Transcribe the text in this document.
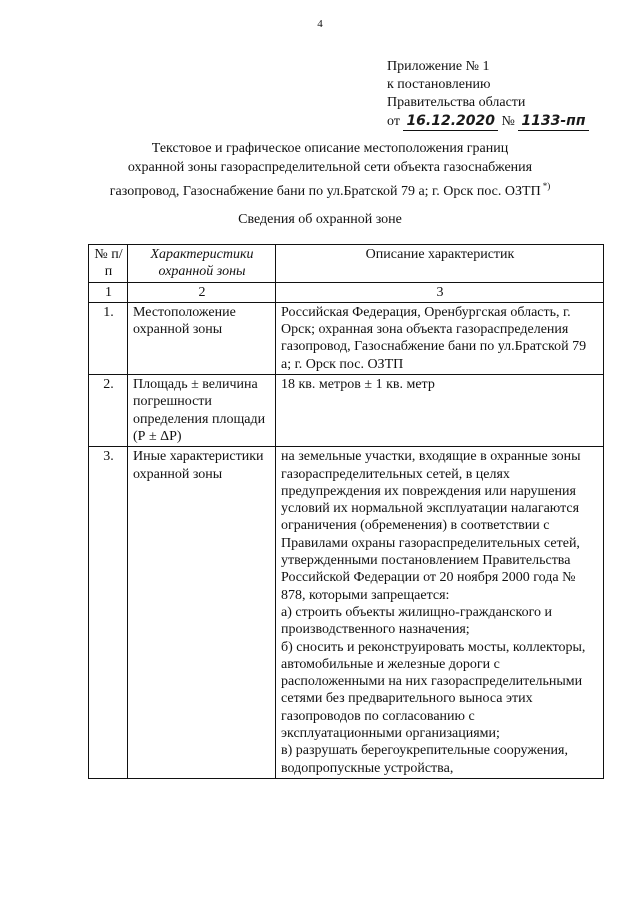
4
Приложение № 1
к постановлению
Правительства области
от 16.12.2020 № 1133-пп
Текстовое и графическое описание местоположения границ
охранной зоны газораспределительной сети объекта газоснабжения
газопровод, Газоснабжение бани по ул.Братской 79 а; г. Орск пос. ОЗТП *)
Сведения об охранной зоне
№ п/п	Характеристики охранной зоны	Описание характеристик
1	2	3
1.	Местоположение охранной зоны	Российская Федерация, Оренбургская область, г. Орск; охранная зона объекта газораспределения газопровод, Газоснабжение бани по ул.Братской 79 а; г. Орск пос. ОЗТП
2.	Площадь ± величина погрешности определения площади (Р ± ΔР)	18 кв. метров ± 1 кв. метр
3.	Иные характеристики охранной зоны	на земельные участки, входящие в охранные зоны газораспределительных сетей, в целях предупреждения их повреждения или нарушения условий их нормальной эксплуатации налагаются ограничения (обременения) в соответствии с Правилами охраны газораспределительных сетей, утвержденными постановлением Правительства Российской Федерации от 20 ноября 2000 года № 878, которыми запрещается:
а) строить объекты жилищно-гражданского и производственного назначения;
б) сносить и реконструировать мосты, коллекторы, автомобильные и железные дороги с расположенными на них газораспределительными сетями без предварительного выноса этих газопроводов по согласованию с эксплуатационными организациями;
в) разрушать берегоукрепительные сооружения, водопропускные устройства,
